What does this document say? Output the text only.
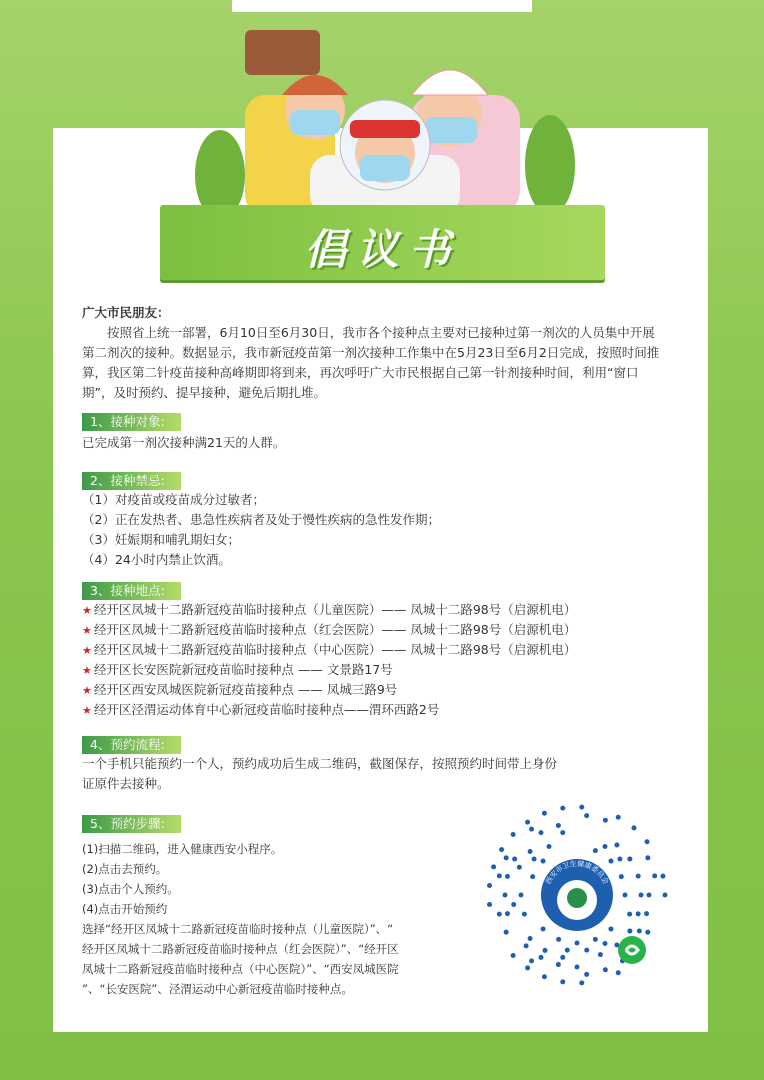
倡议书
广大市民朋友：
　　按照省上统一部署，6月10日至6月30日，我市各个接种点主要对已接种过第一剂次的人员集中开展
第二剂次的接种。数据显示，我市新冠疫苗第一剂次接种工作集中在5月23日至6月2日完成，按照时间推
算，我区第二针疫苗接种高峰期即将到来，再次呼吁广大市民根据自己第一针剂接种时间，利用“窗口
期”，及时预约、提早接种，避免后期扎堆。
1、接种对象:
已完成第一剂次接种满21天的人群。
2、接种禁忌:
（1）对疫苗或疫苗成分过敏者；
（2）正在发热者、患急性疾病者及处于慢性疾病的急性发作期；
（3）妊娠期和哺乳期妇女；
（4）24小时内禁止饮酒。
3、接种地点:
★ 经开区凤城十二路新冠疫苗临时接种点（儿童医院）—— 凤城十二路98号（启源机电）
★ 经开区凤城十二路新冠疫苗临时接种点（红会医院）—— 凤城十二路98号（启源机电）
★ 经开区凤城十二路新冠疫苗临时接种点（中心医院）—— 凤城十二路98号（启源机电）
★ 经开区长安医院新冠疫苗临时接种点 —— 文景路17号
★ 经开区西安凤城医院新冠疫苗接种点 —— 凤城三路9号
★ 经开区泾渭运动体育中心新冠疫苗临时接种点——渭环西路2号
4、预约流程:
一个手机只能预约一个人，预约成功后生成二维码，截图保存，按照预约时间带上身份
证原件去接种。
5、预约步骤:
(1)扫描二维码，进入健康西安小程序。
(2)点击去预约。
(3)点击个人预约。
(4)点击开始预约
选择“经开区凤城十二路新冠疫苗临时接种点（儿童医院）”、“
经开区凤城十二路新冠疫苗临时接种点（红会医院）”、“经开区
凤城十二路新冠疫苗临时接种点（中心医院）”、“西安凤城医院
”、“长安医院”、泾渭运动中心新冠疫苗临时接种点。
西安市卫生健康委员会
